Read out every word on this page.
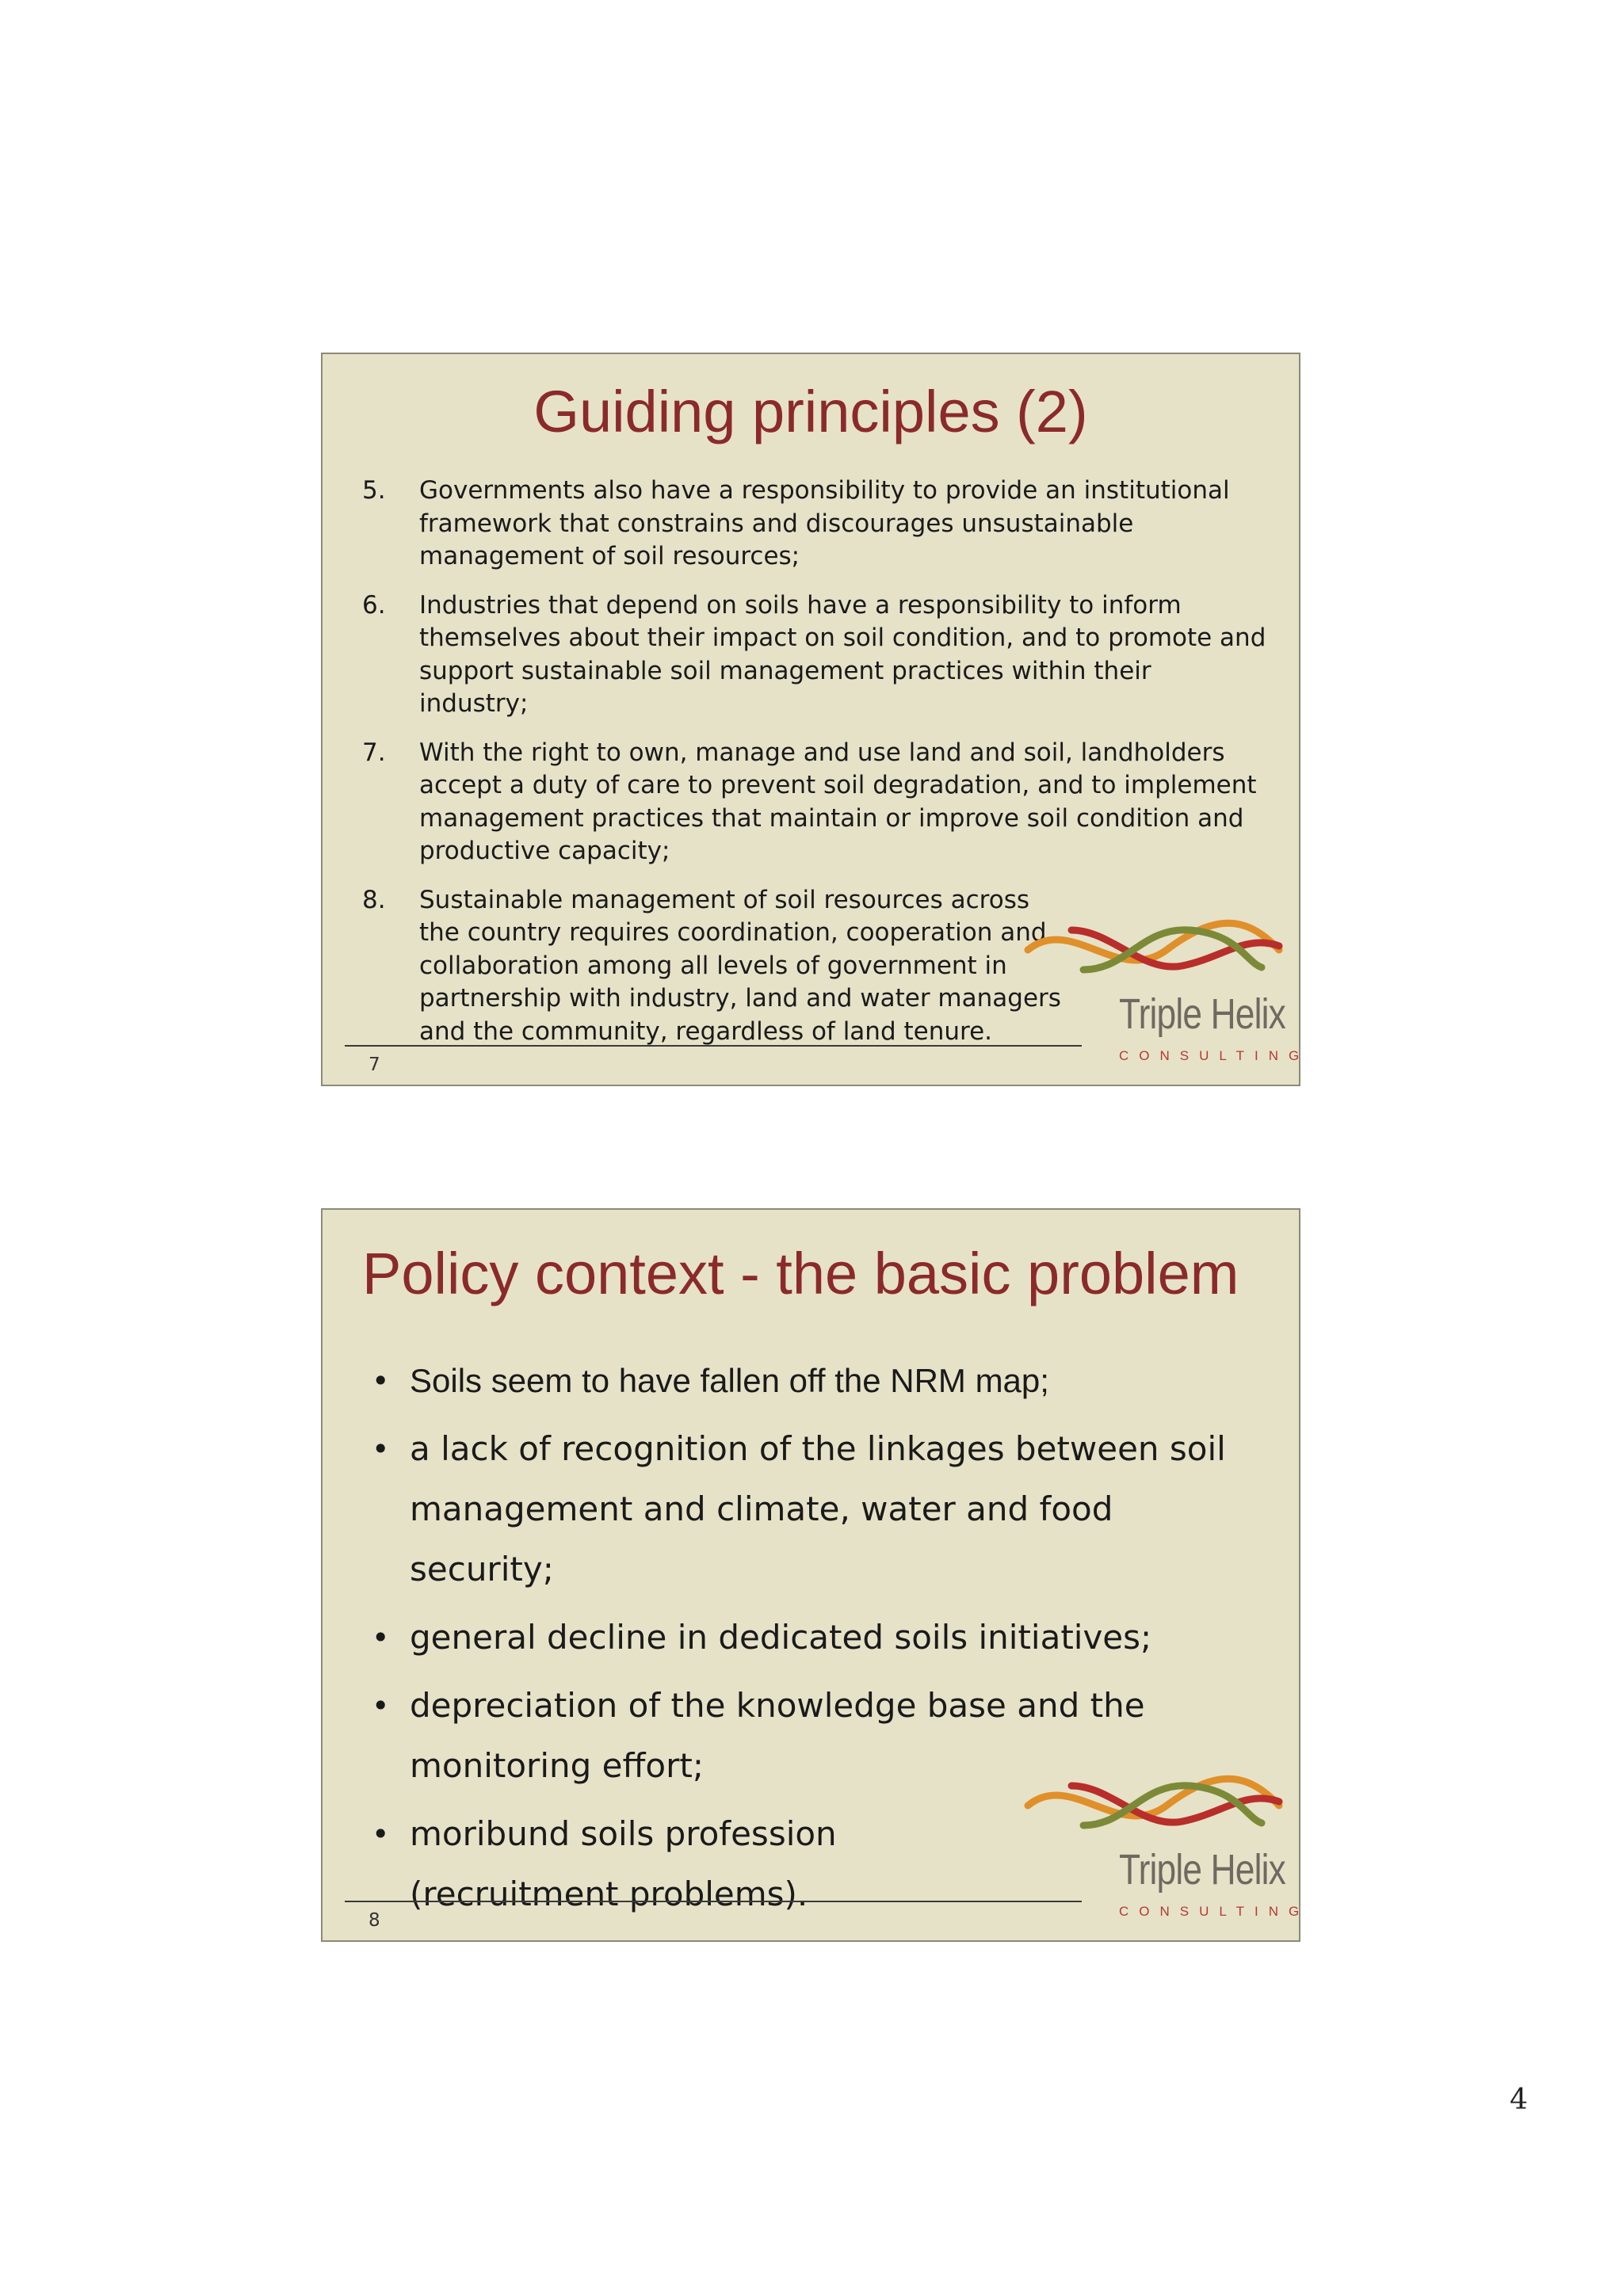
Guiding principles (2)
5.	Governments also have a responsibility to provide an institutional framework that constrains and discourages unsustainable management of soil resources;
6.	Industries that depend on soils have a responsibility to inform themselves about their impact on soil condition, and to promote and support sustainable soil management practices within their industry;
7.	With the right to own, manage and use land and soil, landholders accept a duty of care to prevent soil degradation, and to implement management practices that maintain or improve soil condition and productive capacity;
8.	Sustainable management of soil resources across the country requires coordination, cooperation and collaboration among all levels of government in partnership with industry, land and water managers and the community, regardless of land tenure.
7
Triple Helix
CONSULTING
Policy context - the basic problem
• Soils seem to have fallen off the NRM map;
• a lack of recognition of the linkages between soil management and climate, water and food security;
• general decline in dedicated soils initiatives;
• depreciation of the knowledge base and the monitoring effort;
• moribund soils profession (recruitment problems).
8
Triple Helix
CONSULTING
4
